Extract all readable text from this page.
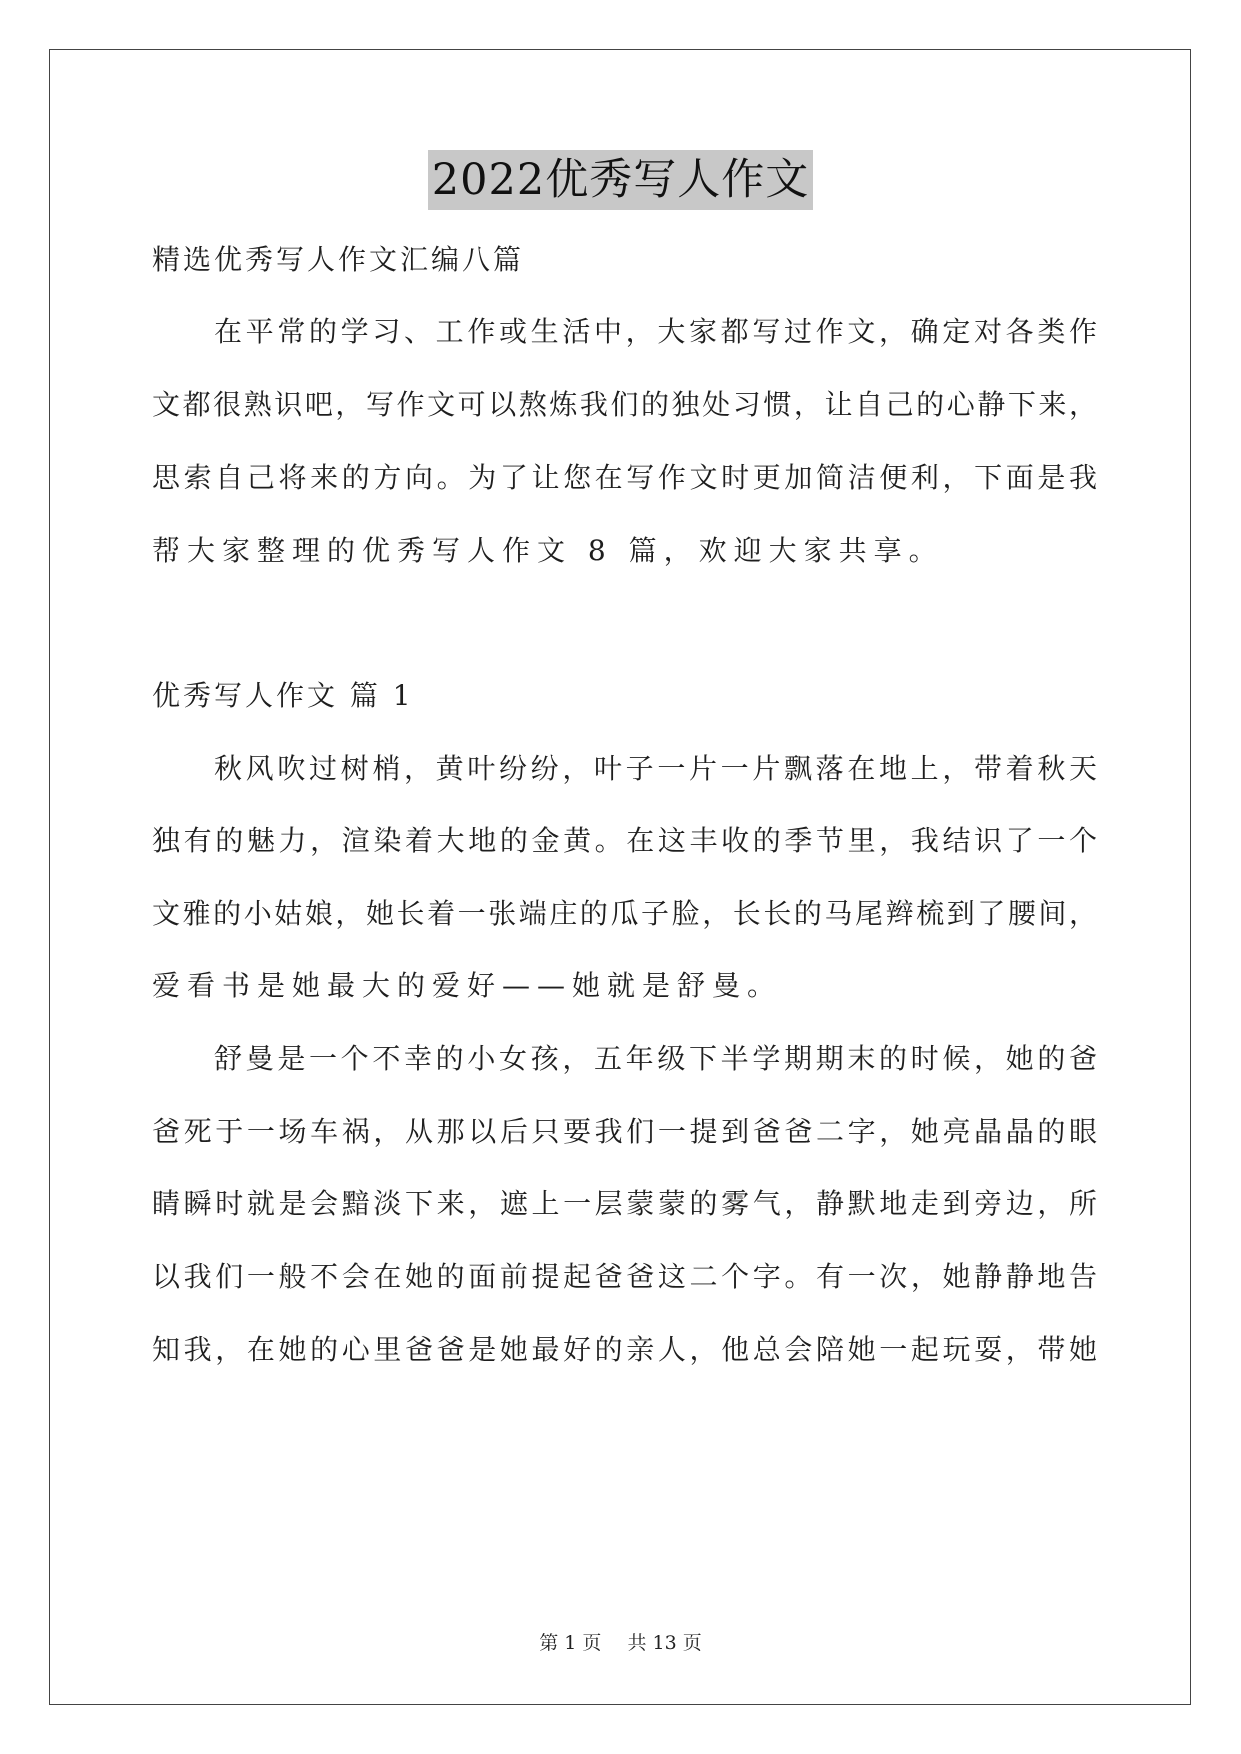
2022优秀写人作文
精选优秀写人作文汇编八篇
在平常的学习、工作或生活中，大家都写过作文，确定对各类作
文都很熟识吧，写作文可以熬炼我们的独处习惯，让自己的心静下来，
思索自己将来的方向。为了让您在写作文时更加简洁便利，下面是我
帮大家整理的优秀写人作文 8 篇，欢迎大家共享。
优秀写人作文 篇 1
秋风吹过树梢，黄叶纷纷，叶子一片一片飘落在地上，带着秋天
独有的魅力，渲染着大地的金黄。在这丰收的季节里，我结识了一个
文雅的小姑娘，她长着一张端庄的瓜子脸，长长的马尾辫梳到了腰间，
爱看书是她最大的爱好——她就是舒曼。
舒曼是一个不幸的小女孩，五年级下半学期期末的时候，她的爸
爸死于一场车祸，从那以后只要我们一提到爸爸二字，她亮晶晶的眼
睛瞬时就是会黯淡下来，遮上一层蒙蒙的雾气，静默地走到旁边，所
以我们一般不会在她的面前提起爸爸这二个字。有一次，她静静地告
知我，在她的心里爸爸是她最好的亲人，他总会陪她一起玩耍，带她
第 1 页 共 13 页
